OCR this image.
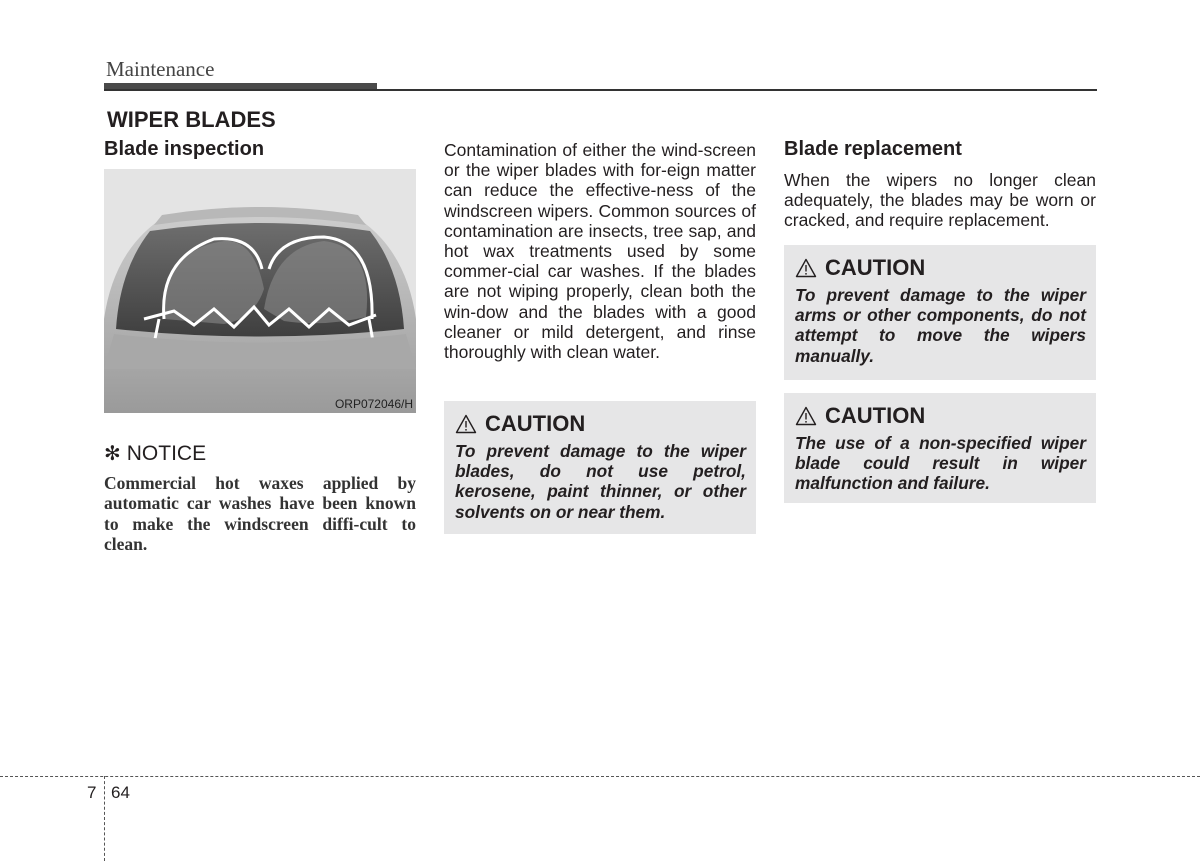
Maintenance
WIPER BLADES
Blade inspection
ORP072046/H
✻ NOTICE
Commercial hot waxes applied by automatic car washes have been known to make the windscreen diffi-cult to clean.
Contamination of either the wind-screen or the wiper blades with for-eign matter can reduce the effective-ness of the windscreen wipers. Common sources of contamination are insects, tree sap, and hot wax treatments used by some commer-cial car washes. If the blades are not wiping properly, clean both the win-dow and the blades with a good cleaner or mild detergent, and rinse thoroughly with clean water.
CAUTION
To prevent damage to the wiper blades, do not use petrol, kerosene, paint thinner, or other solvents on or near them.
Blade replacement
When the wipers no longer clean adequately, the blades may be worn or cracked, and require replacement.
CAUTION
To prevent damage to the wiper arms or other components, do not attempt to move the wipers manually.
CAUTION
The use of a non-specified wiper blade could result in wiper malfunction and failure.
7 64
